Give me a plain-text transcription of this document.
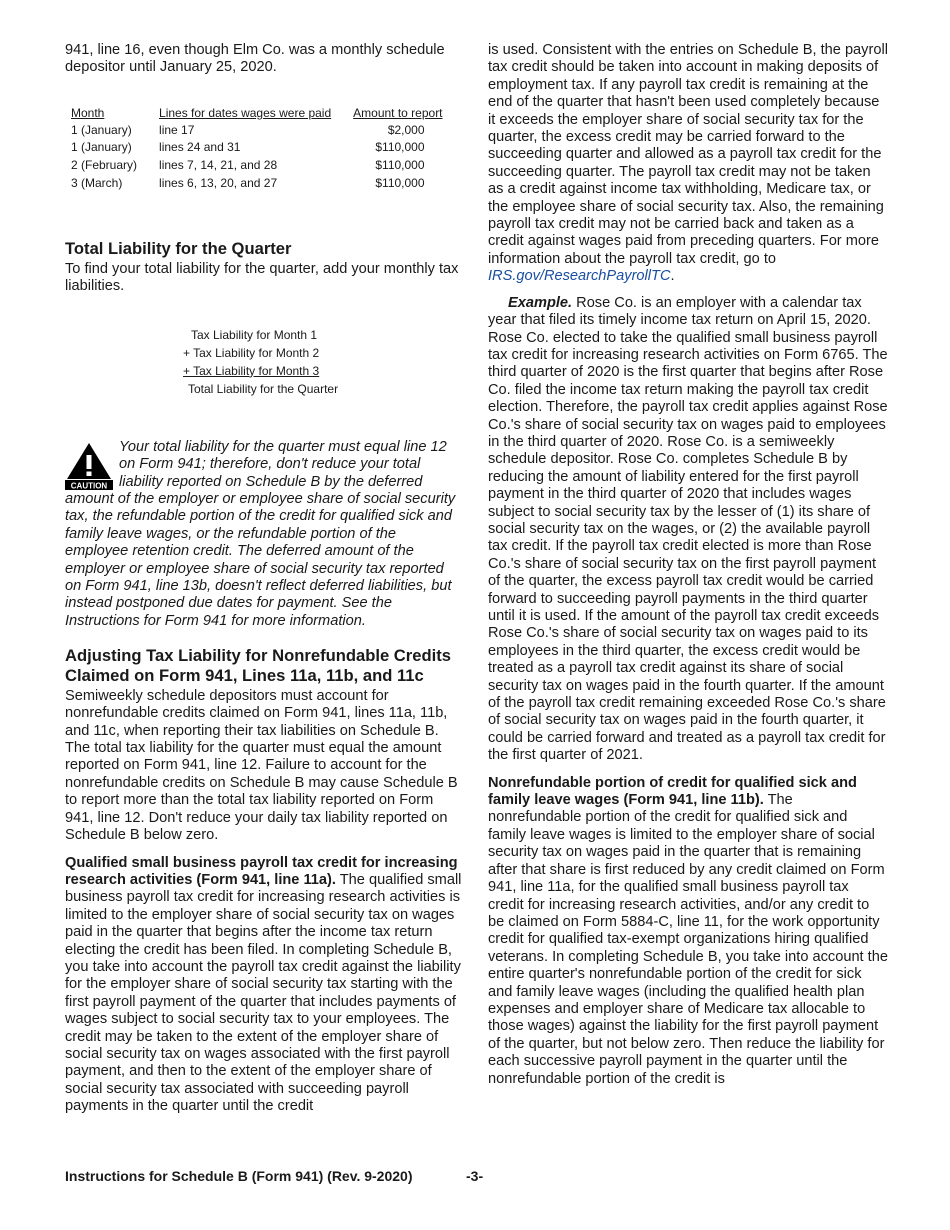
941, line 16, even though Elm Co. was a monthly schedule depositor until January 25, 2020.

Month	Lines for dates wages were paid	Amount to report
1 (January)	line 17	$2,000
1 (January)	lines 24 and 31	$110,000
2 (February)	lines 7, 14, 21, and 28	$110,000
3 (March)	lines 6, 13, 20, and 27	$110,000
Total Liability for the Quarter

To find your total liability for the quarter, add your monthly tax liabilities.

Tax Liability for Month 1
+ Tax Liability for Month 2
+ Tax Liability for Month 3
Total Liability for the Quarter
CAUTION

Your total liability for the quarter must equal line 12 on Form 941; therefore, don't reduce your total liability reported on Schedule B by the deferred amount of the employer or employee share of social security tax, the refundable portion of the credit for qualified sick and family leave wages, or the refundable portion of the employee retention credit. The deferred amount of the employer or employee share of social security tax reported on Form 941, line 13b, doesn't reflect deferred liabilities, but instead postponed due dates for payment. See the Instructions for Form 941 for more information.

Adjusting Tax Liability for Nonrefundable Credits Claimed on Form 941, Lines 11a, 11b, and 11c

Semiweekly schedule depositors must account for nonrefundable credits claimed on Form 941, lines 11a, 11b, and 11c, when reporting their tax liabilities on Schedule B. The total tax liability for the quarter must equal the amount reported on Form 941, line 12. Failure to account for the nonrefundable credits on Schedule B may cause Schedule B to report more than the total tax liability reported on Form 941, line 12. Don't reduce your daily tax liability reported on Schedule B below zero.

Qualified small business payroll tax credit for increasing research activities (Form 941, line 11a). The qualified small business payroll tax credit for increasing research activities is limited to the employer share of social security tax on wages paid in the quarter that begins after the income tax return electing the credit has been filed. In completing Schedule B, you take into account the payroll tax credit against the liability for the employer share of social security tax starting with the first payroll payment of the quarter that includes payments of wages subject to social security tax to your employees. The credit may be taken to the extent of the employer share of social security tax on wages associated with the first payroll payment, and then to the extent of the employer share of social security tax associated with succeeding payroll payments in the quarter until the credit

is used. Consistent with the entries on Schedule B, the payroll tax credit should be taken into account in making deposits of employment tax. If any payroll tax credit is remaining at the end of the quarter that hasn't been used completely because it exceeds the employer share of social security tax for the quarter, the excess credit may be carried forward to the succeeding quarter and allowed as a payroll tax credit for the succeeding quarter. The payroll tax credit may not be taken as a credit against income tax withholding, Medicare tax, or the employee share of social security tax. Also, the remaining payroll tax credit may not be carried back and taken as a credit against wages paid from preceding quarters. For more information about the payroll tax credit, go to IRS.gov/ResearchPayrollTC.

Example. Rose Co. is an employer with a calendar tax year that filed its timely income tax return on April 15, 2020. Rose Co. elected to take the qualified small business payroll tax credit for increasing research activities on Form 6765. The third quarter of 2020 is the first quarter that begins after Rose Co. filed the income tax return making the payroll tax credit election. Therefore, the payroll tax credit applies against Rose Co.'s share of social security tax on wages paid to employees in the third quarter of 2020. Rose Co. is a semiweekly schedule depositor. Rose Co. completes Schedule B by reducing the amount of liability entered for the first payroll payment in the third quarter of 2020 that includes wages subject to social security tax by the lesser of (1) its share of social security tax on the wages, or (2) the available payroll tax credit. If the payroll tax credit elected is more than Rose Co.'s share of social security tax on the first payroll payment of the quarter, the excess payroll tax credit would be carried forward to succeeding payroll payments in the third quarter until it is used. If the amount of the payroll tax credit exceeds Rose Co.'s share of social security tax on wages paid to its employees in the third quarter, the excess credit would be treated as a payroll tax credit against its share of social security tax on wages paid in the fourth quarter. If the amount of the payroll tax credit remaining exceeded Rose Co.'s share of social security tax on wages paid in the fourth quarter, it could be carried forward and treated as a payroll tax credit for the first quarter of 2021.

Nonrefundable portion of credit for qualified sick and family leave wages (Form 941, line 11b). The nonrefundable portion of the credit for qualified sick and family leave wages is limited to the employer share of social security tax on wages paid in the quarter that is remaining after that share is first reduced by any credit claimed on Form 941, line 11a, for the qualified small business payroll tax credit for increasing research activities, and/or any credit to be claimed on Form 5884-C, line 11, for the work opportunity credit for qualified tax-exempt organizations hiring qualified veterans. In completing Schedule B, you take into account the entire quarter's nonrefundable portion of the credit for sick and family leave wages (including the qualified health plan expenses and employer share of Medicare tax allocable to those wages) against the liability for the first payroll payment of the quarter, but not below zero. Then reduce the liability for each successive payroll payment in the quarter until the nonrefundable portion of the credit is

Instructions for Schedule B (Form 941) (Rev. 9-2020)	-3-
